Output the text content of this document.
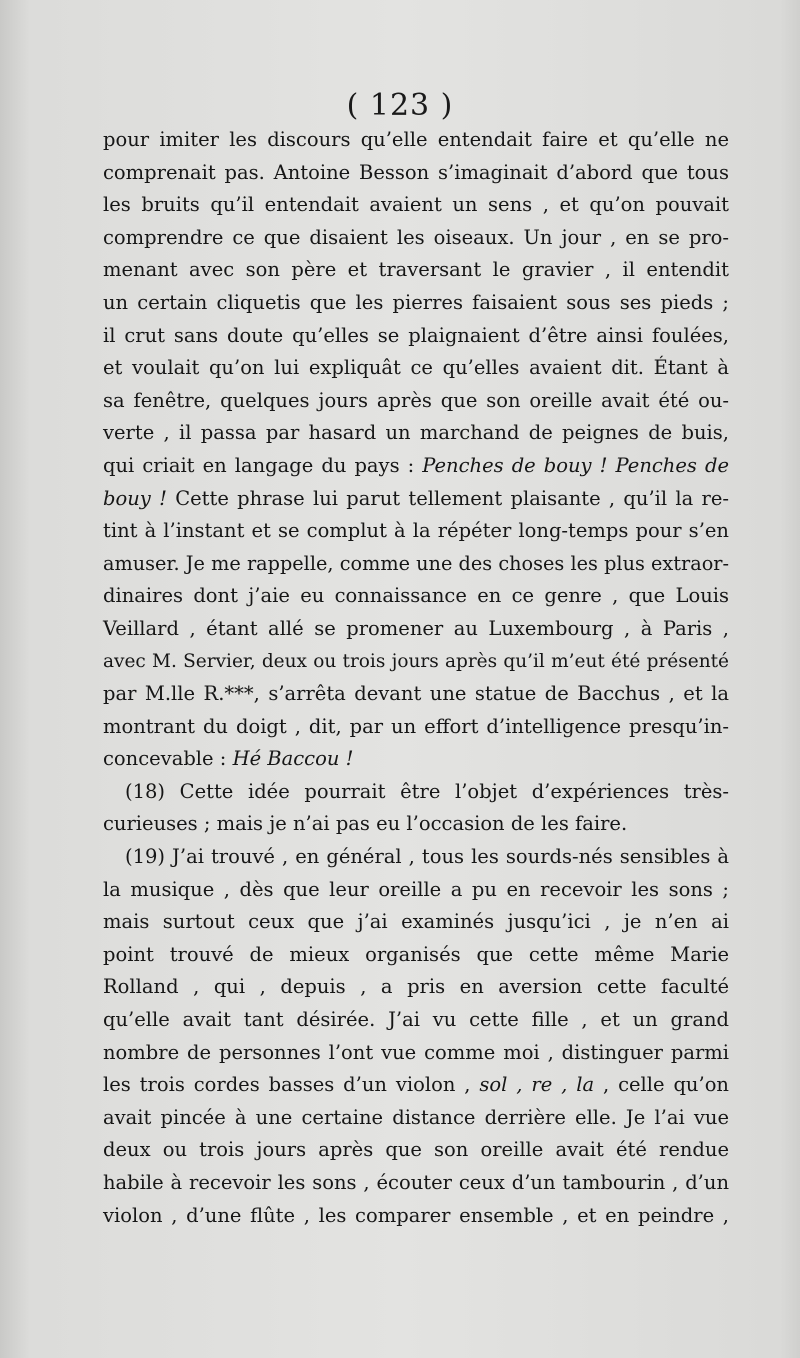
( 123 )
pour imiter les discours qu’elle entendait faire et qu’elle ne
comprenait pas. Antoine Besson s’imaginait d’abord que tous
les bruits qu’il entendait avaient un sens , et qu’on pouvait
comprendre ce que disaient les oiseaux. Un jour , en se pro-
menant avec son père et traversant le gravier , il entendit
un certain cliquetis que les pierres faisaient sous ses pieds ;
il crut sans doute qu’elles se plaignaient d’être ainsi foulées,
et voulait qu’on lui expliquât ce qu’elles avaient dit. Étant à
sa fenêtre, quelques jours après que son oreille avait été ou-
verte , il passa par hasard un marchand de peignes de buis,
qui criait en langage du pays : Penches de bouy ! Penches de
bouy ! Cette phrase lui parut tellement plaisante , qu’il la re-
tint à l’instant et se complut à la répéter long-temps pour s’en
amuser. Je me rappelle, comme une des choses les plus extraor-
dinaires dont j’aie eu connaissance en ce genre , que Louis
Veillard , étant allé se promener au Luxembourg , à Paris ,
avec M. Servier, deux ou trois jours après qu’il m’eut été présenté
par M.lle R.***, s’arrêta devant une statue de Bacchus , et la
montrant du doigt , dit, par un effort d’intelligence presqu’in-
concevable : Hé Baccou !
(18) Cette idée pourrait être l’objet d’expériences très-
curieuses ; mais je n’ai pas eu l’occasion de les faire.
(19) J’ai trouvé , en général , tous les sourds-nés sensibles à
la musique , dès que leur oreille a pu en recevoir les sons ;
mais surtout ceux que j’ai examinés jusqu’ici , je n’en ai
point trouvé de mieux organisés que cette même Marie
Rolland , qui , depuis , a pris en aversion cette faculté
qu’elle avait tant désirée. J’ai vu cette fille , et un grand
nombre de personnes l’ont vue comme moi , distinguer parmi
les trois cordes basses d’un violon , sol , re , la , celle qu’on
avait pincée à une certaine distance derrière elle. Je l’ai vue
deux ou trois jours après que son oreille avait été rendue
habile à recevoir les sons , écouter ceux d’un tambourin , d’un
violon , d’une flûte , les comparer ensemble , et en peindre ,
